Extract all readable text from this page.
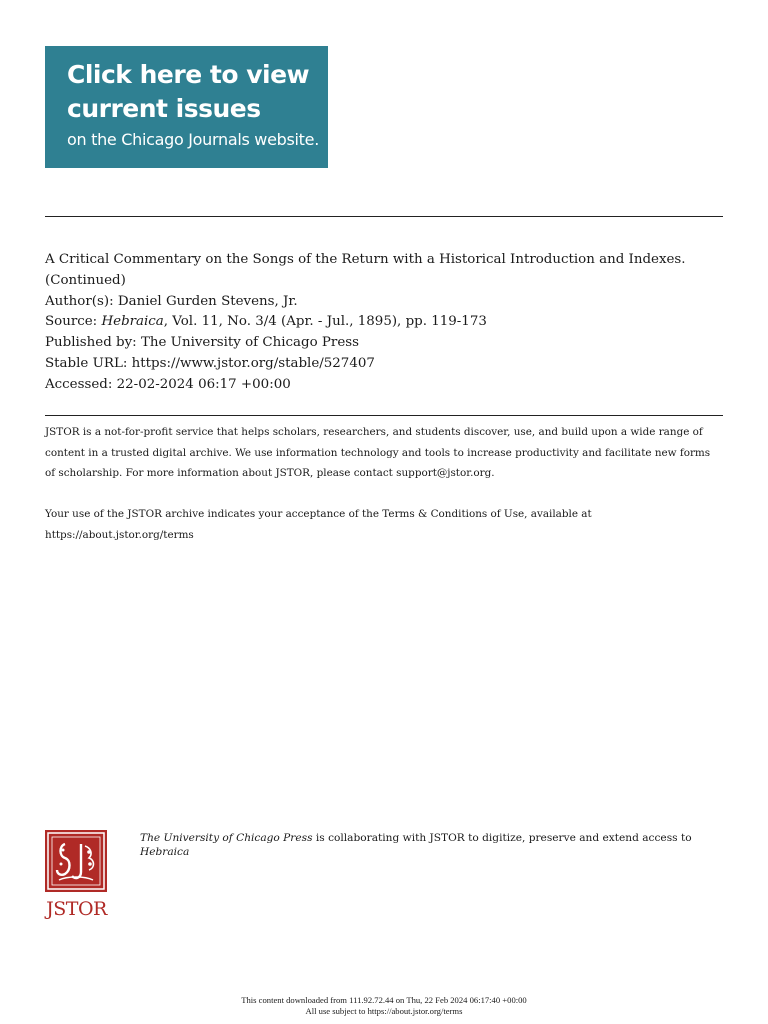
Click here to view
current issues
on the Chicago Journals website.
A Critical Commentary on the Songs of the Return with a Historical Introduction and Indexes. (Continued)
Author(s): Daniel Gurden Stevens, Jr.
Source: Hebraica, Vol. 11, No. 3/4 (Apr. - Jul., 1895), pp. 119-173
Published by: The University of Chicago Press
Stable URL: https://www.jstor.org/stable/527407
Accessed: 22-02-2024 06:17 +00:00
JSTOR is a not-for-profit service that helps scholars, researchers, and students discover, use, and build upon a wide range of content in a trusted digital archive. We use information technology and tools to increase productivity and facilitate new forms of scholarship. For more information about JSTOR, please contact support@jstor.org.
Your use of the JSTOR archive indicates your acceptance of the Terms & Conditions of Use, available at
https://about.jstor.org/terms
JSTOR
The University of Chicago Press is collaborating with JSTOR to digitize, preserve and extend access to Hebraica
This content downloaded from 111.92.72.44 on Thu, 22 Feb 2024 06:17:40 +00:00
All use subject to https://about.jstor.org/terms
